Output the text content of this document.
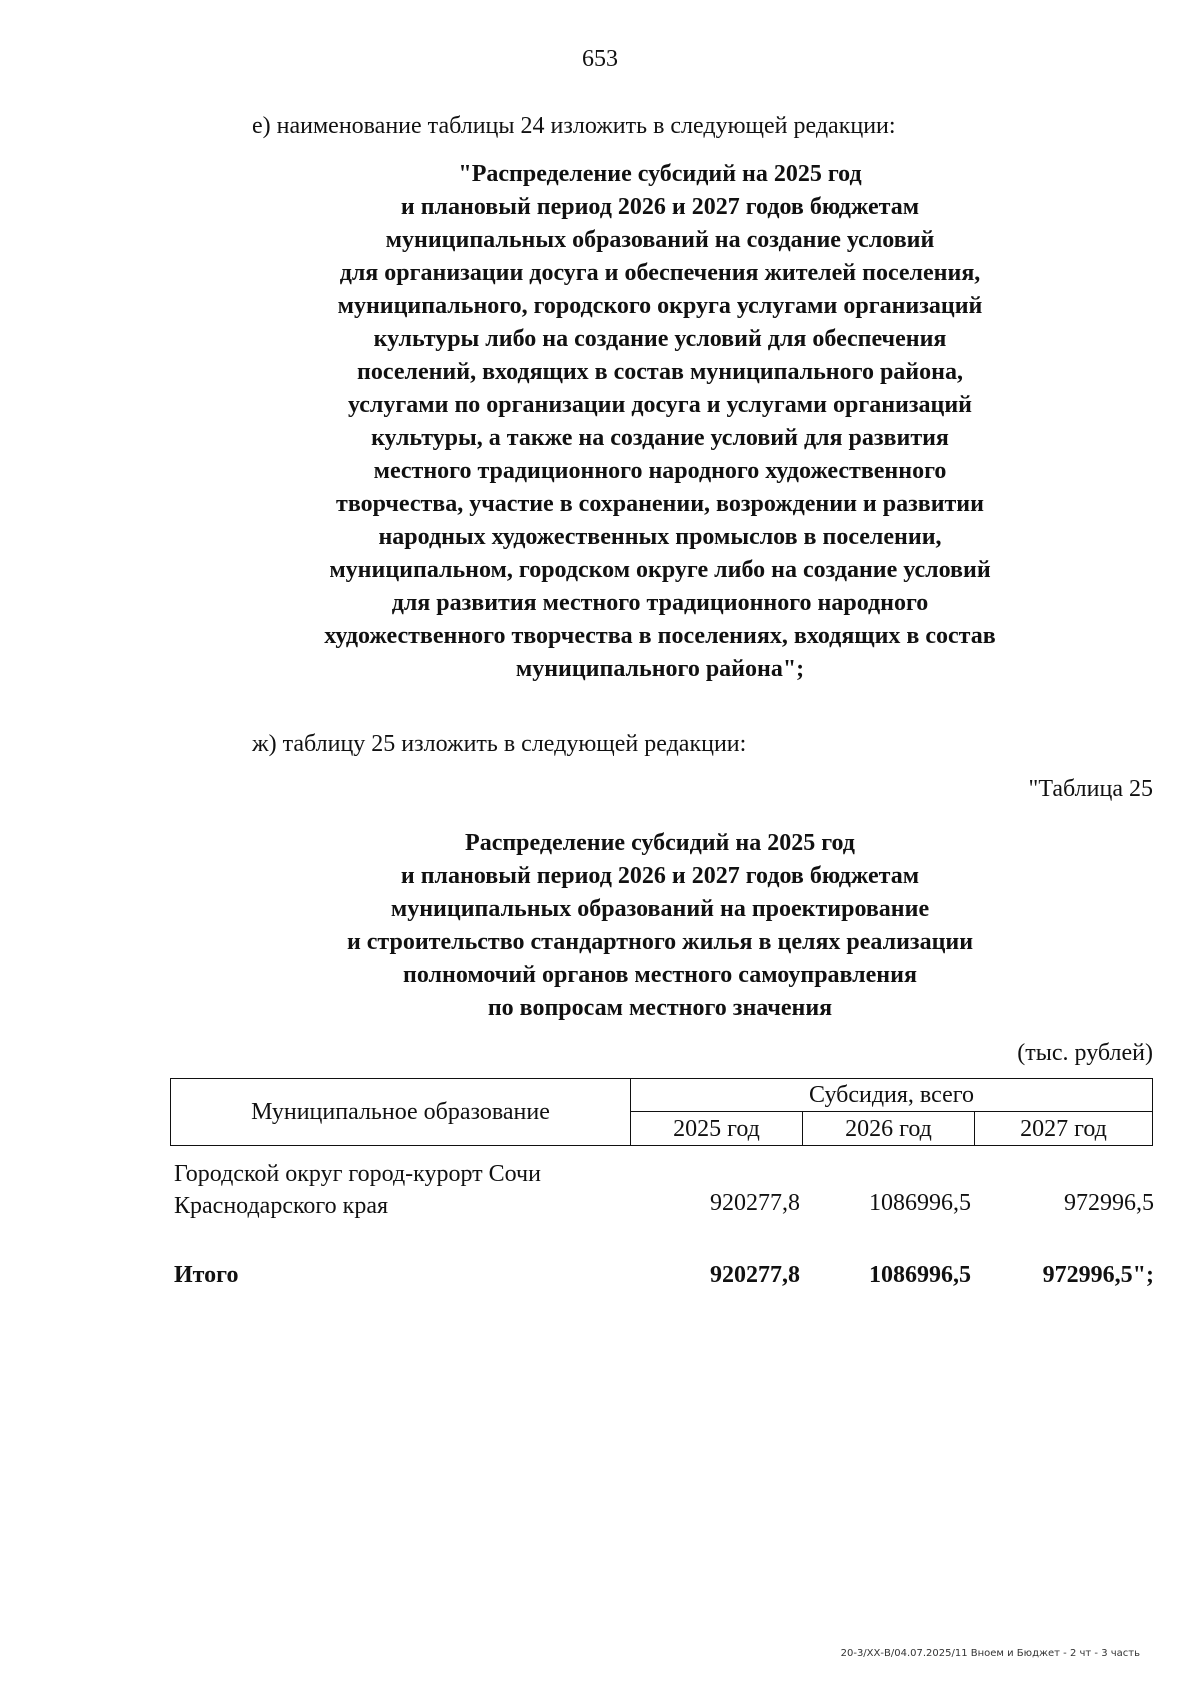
653
е) наименование таблицы 24 изложить в следующей редакции:
"Распределение субсидий на 2025 год
и плановый период 2026 и 2027 годов бюджетам
муниципальных образований на создание условий
для организации досуга и обеспечения жителей поселения,
муниципального, городского округа услугами организаций
культуры либо на создание условий для обеспечения
поселений, входящих в состав муниципального района,
услугами по организации досуга и услугами организаций
культуры, а также на создание условий для развития
местного традиционного народного художественного
творчества, участие в сохранении, возрождении и развитии
народных художественных промыслов в поселении,
муниципальном, городском округе либо на создание условий
для развития местного традиционного народного
художественного творчества в поселениях, входящих в состав
муниципального района";
ж) таблицу 25 изложить в следующей редакции:
"Таблица 25
Распределение субсидий на 2025 год
и плановый период 2026 и 2027 годов бюджетам
муниципальных образований на проектирование
и строительство стандартного жилья в целях реализации
полномочий органов местного самоуправления
по вопросам местного значения
(тыс. рублей)
Муниципальное образование
Субсидия, всего
2025 год	2026 год	2027 год
Городской округ город-курорт Сочи
Краснодарского края	920277,8	1086996,5	972996,5
Итого	920277,8	1086996,5	972996,5";
20-3/ХХ-В/04.07.2025/11 Вноем и Бюджет - 2 чт - 3 часть
